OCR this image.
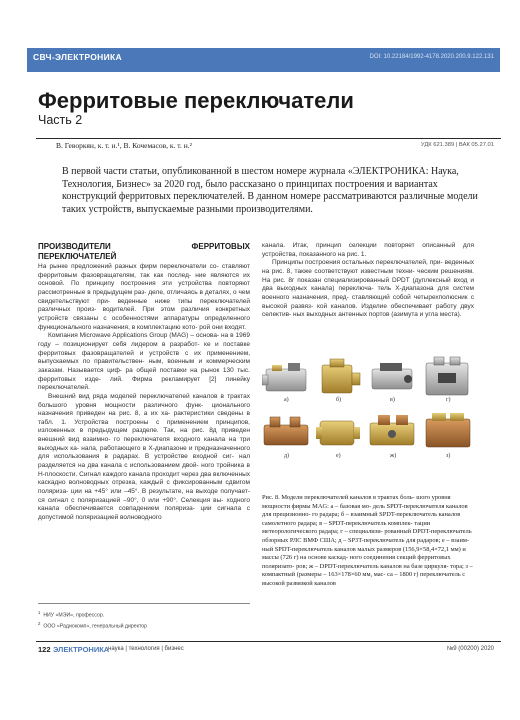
СВЧ-ЭЛЕКТРОНИКА	DOI: 10.22184/1992-4178.2020.200.9.122.131
Ферритовые переключатели
Часть 2
В. Геворкян, к. т. н.¹, В. Кочемасов, к. т. н.²	УДК 621.389 | ВАК 05.27.01

В первой части статьи, опубликованной в шестом номере журнала «ЭЛЕКТРОНИКА: Наука, Технология, Бизнес» за 2020 год, было рассказано о принципах построения и вариантах конструкций ферритовых переключателей. В данном номере рассматриваются различные модели таких устройств, выпускаемые разными производителями.

ПРОИЗВОДИТЕЛИ ФЕРРИТОВЫХ ПЕРЕКЛЮЧАТЕЛЕЙ

На рынке предложений разных фирм переключатели со- ставляют ферритовым фазовращателям, так как послед- ние являются их основой. По принципу построения эти устройства повторяют рассмотренные в предыдущем раз- деле, отличаясь в деталях, о чем свидетельствуют при- веденные ниже типы переключателей различных произ- водителей. При этом различия конкретных устройств связаны с особенностями аппаратуры определенного функционального назначения, в комплектацию кото- рой они входят.

Компания Microwave Applications Group (MAG) – основа- на в 1969 году – позиционирует себя лидером в разработ- ке и поставке ферритовых фазовращателей и устройств с их применением, выпускаемых по правительствен- ным, военным и коммерческим заказам. Называется циф- ра общей поставки на рынок 130 тыс. ферритовых изде- лий. Фирма рекламирует [2] линейку переключателей.

Внешний вид ряда моделей переключателей каналов в трактах большого уровня мощности различного функ- ционального назначения приведен на рис. 8, а их ха- рактеристики сведены в табл. 1. Устройства построены с применением принципов, изложенных в предыдущем разделе. Так, на рис. 8д приведен внешний вид взаимно- го переключателя входного канала на три выходных ка- нала, работающего в X-диапазоне и предназначенного для использования в радарах. В устройстве входной сиг- нал разделяется на два канала с использованием двой- ного тройника в H-плоскости. Сигнал каждого канала проходит через два включенных каскадно волноводных отрезка, каждый с фиксированным сдвигом поляриза- ции на +45° или –45°. В результате, на выходе получает- ся сигнал с поляризацией –90°, 0 или +90°. Селекция вы- ходного канала обеспечивается совпадением поляриза- ции сигнала с допустимой поляризацией волноводного

канала. Итак, принцип селекции повторяет описанный для устройства, показанного на рис. 1.

Принципы построения остальных переключателей, при- веденных на рис. 8, также соответствуют известным техни- ческим решениям. На рис. 8г показан специализированный DPDT (дуплексный вход и два выходных канала) переключа- тель X-диапазона для систем военного назначения, пред- ставляющий собой четырехполюсник с высокой развяз- кой каналов. Изделие обеспечивает работу двух селектив- ных выходных антенных портов (азимута и угла места).

а)	б)	в)	г)
д)	е)	ж)	з)

Рис. 8. Модели переключателей каналов в трактах боль- шого уровня мощности фирмы MAG: а – базовая мо- дель SPDT-переключателя каналов для прецизионно- го радара; б – взаимный SPDT-переключатель каналов самолетного радара; в – SPDT-переключатель комплек- тации метеорологического радара; г – специализи- рованный DPDT-переключатель обзорных РЛС ВМФ США; д – SP3T-переключатель для радаров; е – взаим- ный SPDT-переключатель каналов малых размеров (156,9×58,4×72,1 мм) и массы (726 г) на основе каскад- ного соединения секций ферритовых поляризато- ров; ж – DPDT-переключатель каналов на базе циркуля- тора; з – компактный (размеры – 163×178×60 мм, мас- са – 1800 г) переключатель с высокой развязкой каналов

$^1$  НИУ «МЭИ», профессор.
$^2$  ООО «Радиокомп», генеральный директор
122 ЭЛЕКТРОНИКА
наука | технология | бизнес	№9 (00200) 2020
